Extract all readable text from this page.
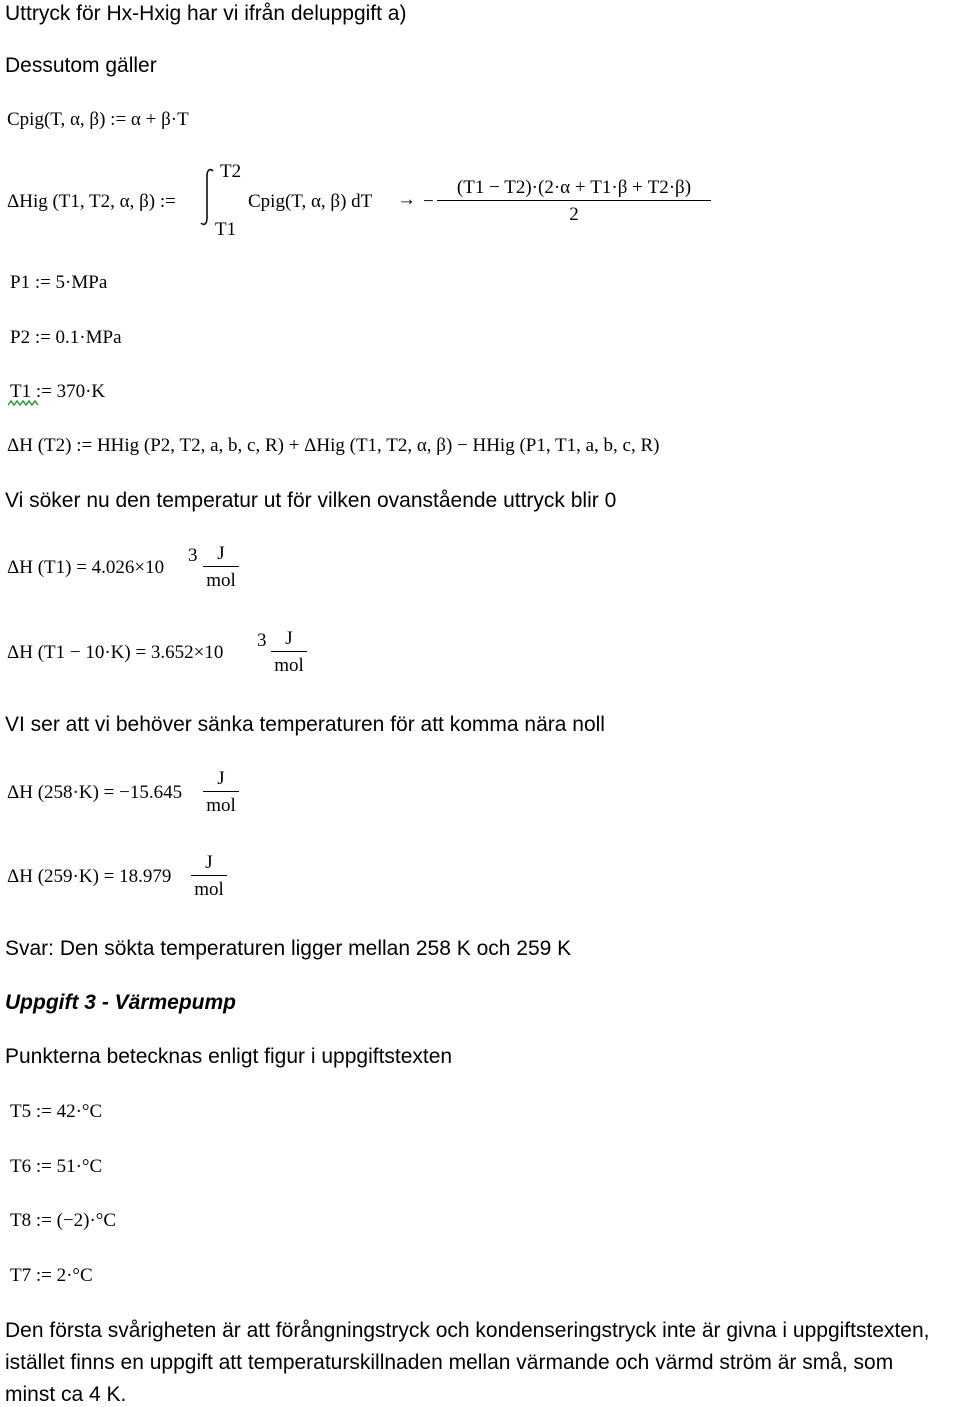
Uttryck för Hx-Hxig har vi ifrån deluppgift a)
Dessutom gäller
Cpig(T, α, β) := α + β·T
ΔHig (T1, T2, α, β) :=
T2
T1
Cpig(T, α, β) dT → − $\frac{(T1 - T2)\cdot(2\cdot\alpha + T1\cdot\beta + T2\cdot\beta)}{2}$
P1 := 5·MPa
P2 := 0.1·MPa
T1 := 370·K
ΔH (T2) := HHig (P2, T2, a, b, c, R) + ΔHig (T1, T2, α, β) − HHig (P1, T1, a, b, c, R)
Vi söker nu den temperatur ut för vilken ovanstående uttryck blir 0
ΔH (T1) = 4.026×10
3	J
mol
ΔH (T1 − 10·K) = 3.652×10
3 J
mol
VI ser att vi behöver sänka temperaturen för att komma nära noll
ΔH (258·K) = −15.645
J
mol
ΔH (259·K) = 18.979
J
mol
Svar: Den sökta temperaturen ligger mellan 258 K och 259 K
Uppgift 3 - Värmepump
Punkterna betecknas enligt figur i uppgiftstexten
T5 := 42·°C
T6 := 51·°C
T8 := (−2)·°C
T7 := 2·°C
Den första svårigheten är att förångningstryck och kondenseringstryck inte är givna i uppgiftstexten,
istället finns en uppgift att temperaturskillnaden mellan värmande och värmd ström är små, som
minst ca 4 K.
